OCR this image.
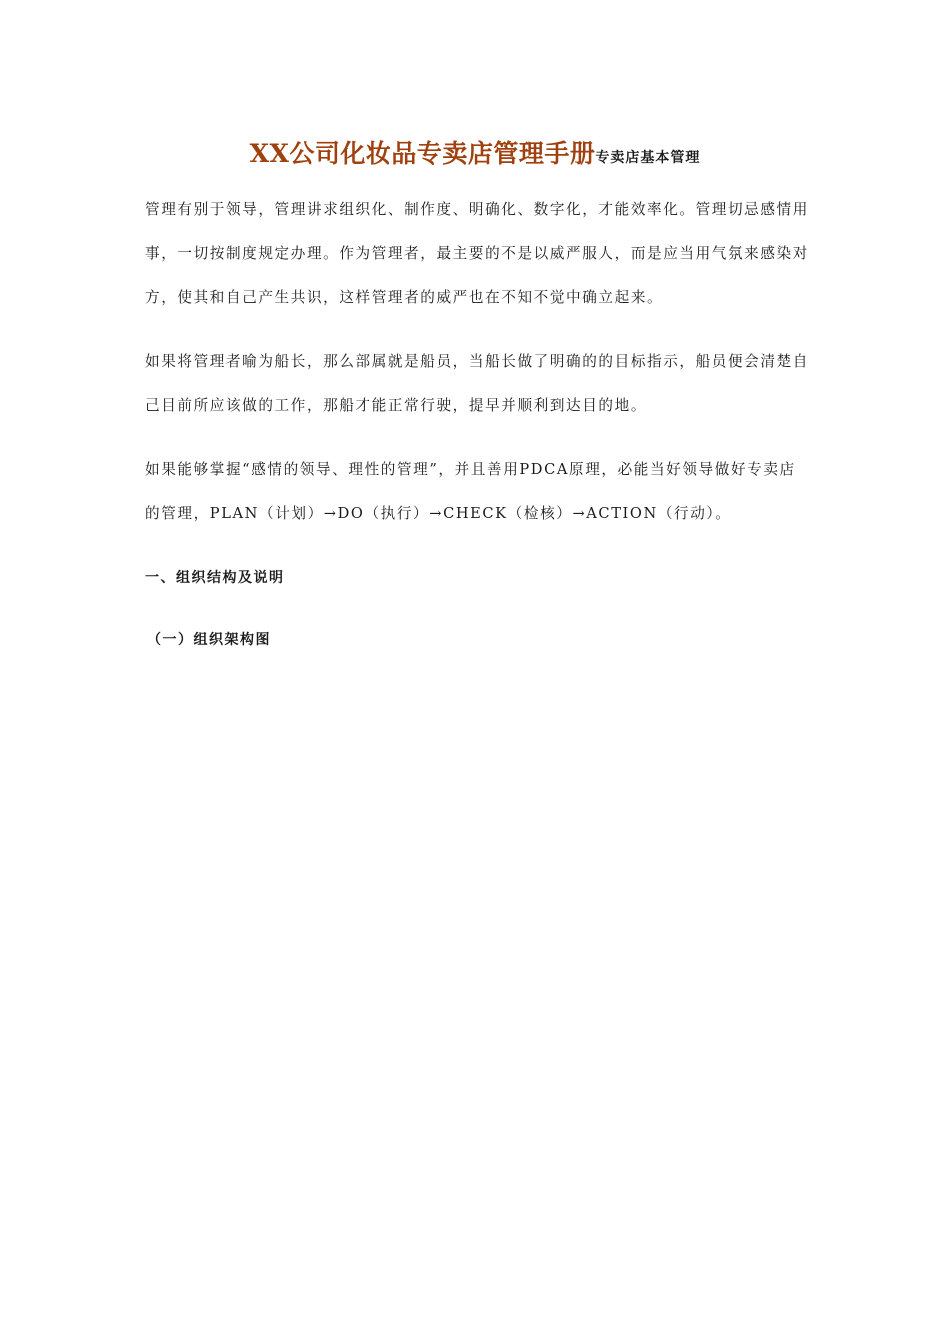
XX公司化妆品专卖店管理手册专卖店基本管理

管理有别于领导，管理讲求组织化、制作度、明确化、数字化，才能效率化。管理切忌感情用事，一切按制度规定办理。作为管理者，最主要的不是以威严服人，而是应当用气氛来感染对方，使其和自己产生共识，这样管理者的威严也在不知不觉中确立起来。

如果将管理者喻为船长，那么部属就是船员，当船长做了明确的的目标指示，船员便会清楚自己目前所应该做的工作，那船才能正常行驶，提早并顺利到达目的地。

如果能够掌握“感情的领导、理性的管理”，并且善用PDCA原理，必能当好领导做好专卖店的管理，PLAN（计划）→DO（执行）→CHECK（检核）→ACTION（行动）。

一、组织结构及说明

（一）组织架构图
